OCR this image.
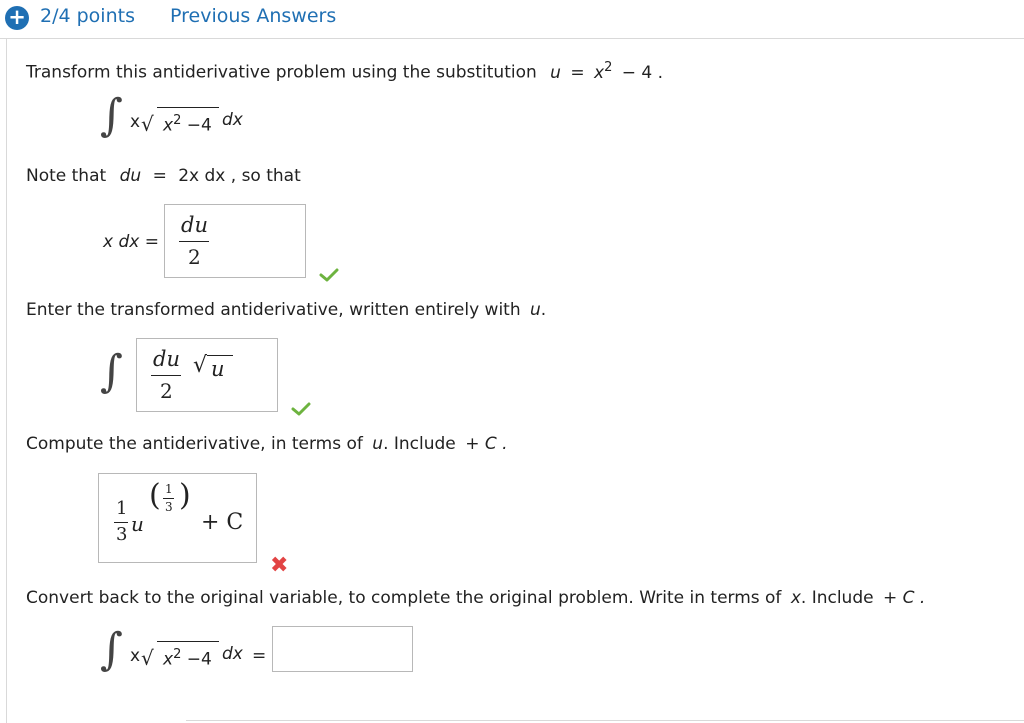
+ 2/4 points Previous Answers
Transform this antiderivative problem using the substitution $u = x^2 - 4$ .
∫ x √ $x^2 -4$ dx
Note that du = 2x dx , so that
x dx =
du
2
Enter the transformed antiderivative, written entirely with u.
∫ du
2
√ u
Compute the antiderivative, in terms of u. Include + C .
1
3 u
( 1
3 )
+ C
✖
Convert back to the original variable, to complete the original problem. Write in terms of x. Include + C .
∫ x √ $x^2 -4$ dx =
